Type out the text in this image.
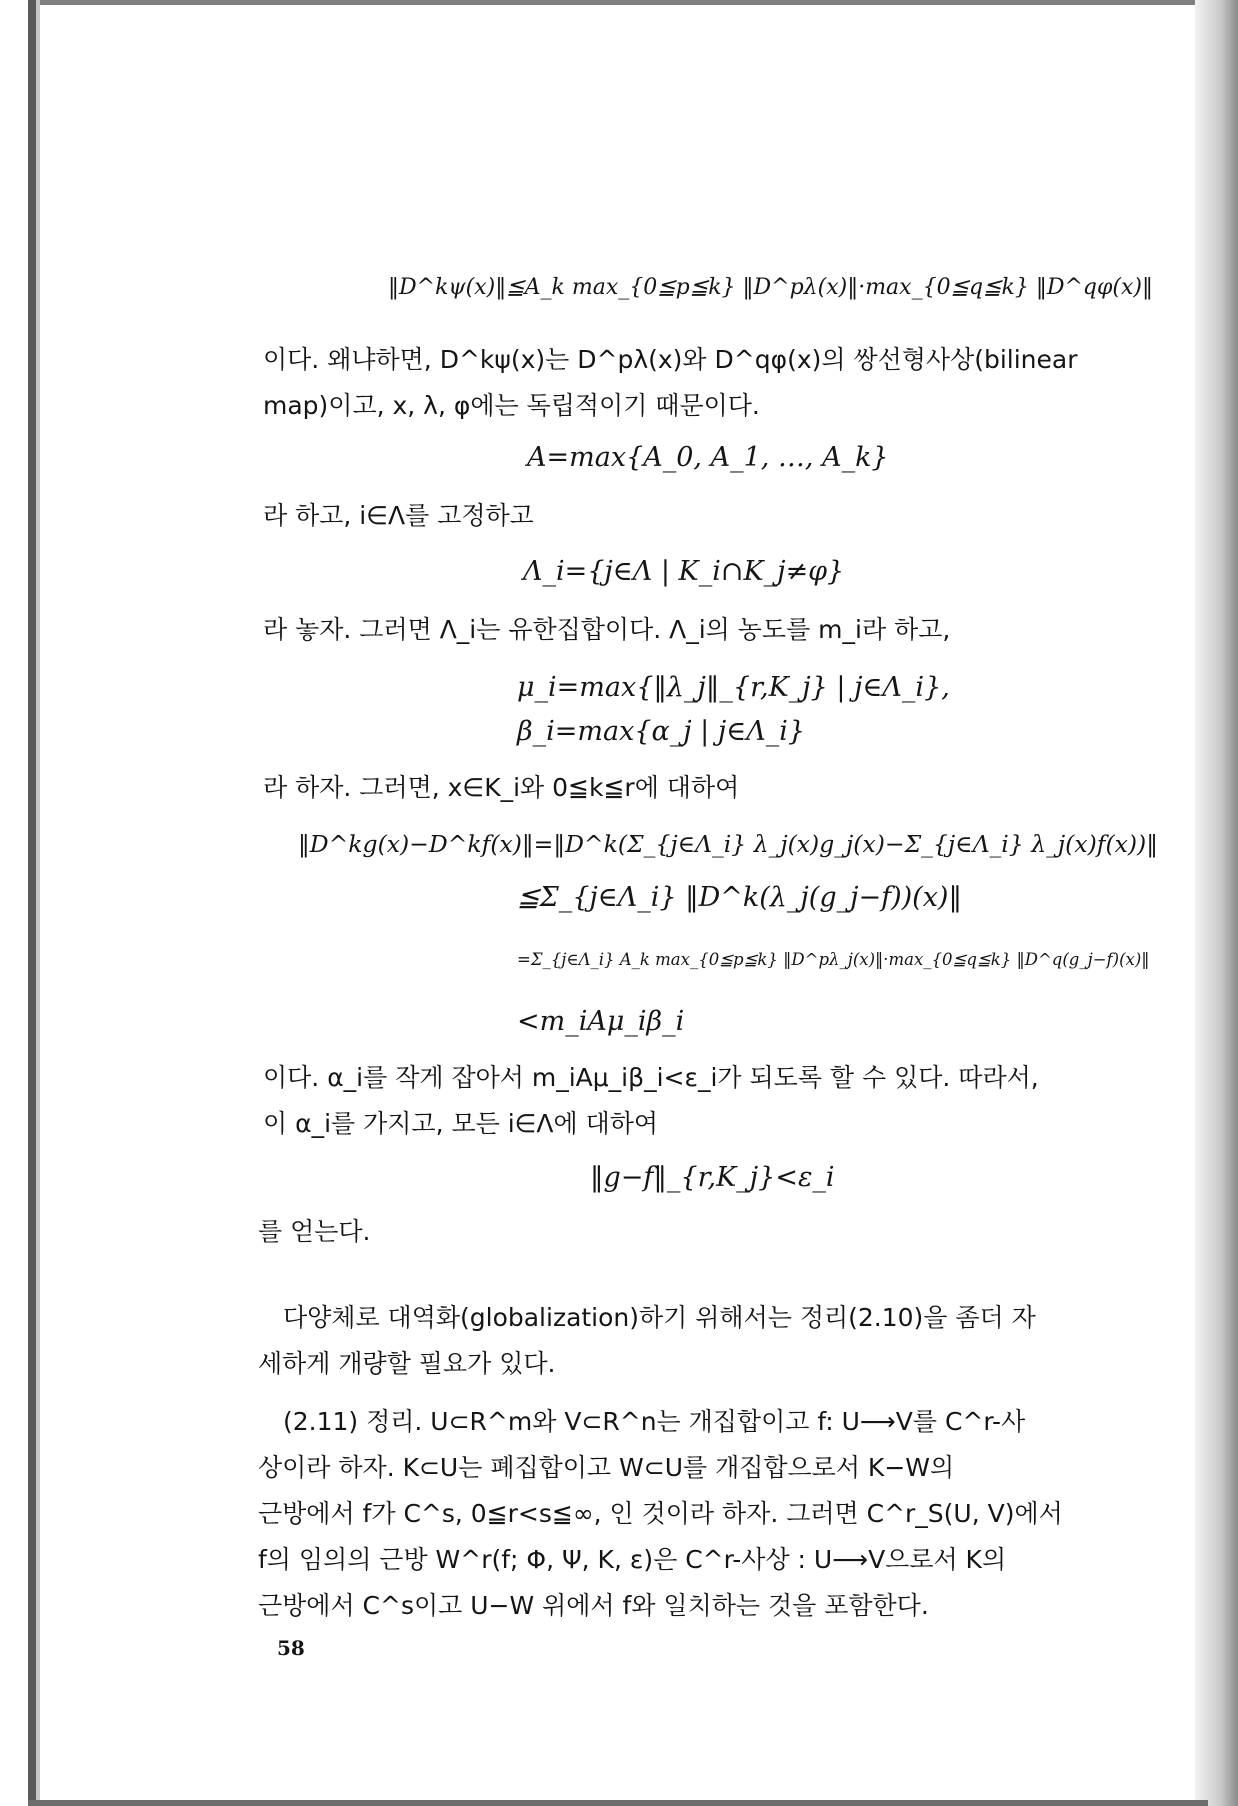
‖D^kψ(x)‖≦A_k max_{0≦p≦k} ‖D^pλ(x)‖·max_{0≦q≦k} ‖D^qφ(x)‖
이다. 왜냐하면, D^kψ(x)는 D^pλ(x)와 D^qφ(x)의 쌍선형사상(bilinear
map)이고, x, λ, φ에는 독립적이기 때문이다.
A=max{A_0, A_1, …, A_k}
라 하고, i∈Λ를 고정하고
Λ_i={j∈Λ | K_i∩K_j≠φ}
라 놓자. 그러면 Λ_i는 유한집합이다. Λ_i의 농도를 m_i라 하고,
μ_i=max{‖λ_j‖_{r,K_j} | j∈Λ_i},
β_i=max{α_j | j∈Λ_i}
라 하자. 그러면, x∈K_i와 0≦k≦r에 대하여
‖D^kg(x)−D^kf(x)‖=‖D^k(Σ_{j∈Λ_i} λ_j(x)g_j(x)−Σ_{j∈Λ_i} λ_j(x)f(x))‖
≦Σ_{j∈Λ_i} ‖D^k(λ_j(g_j−f))(x)‖
=Σ_{j∈Λ_i} A_k max_{0≦p≦k} ‖D^pλ_j(x)‖·max_{0≦q≦k} ‖D^q(g_j−f)(x)‖
<m_iAμ_iβ_i
이다. α_i를 작게 잡아서 m_iAμ_iβ_i<ε_i가 되도록 할 수 있다. 따라서,
이 α_i를 가지고, 모든 i∈Λ에 대하여
‖g−f‖_{r,K_j}<ε_i
를 얻는다.
다양체로 대역화(globalization)하기 위해서는 정리(2.10)을 좀더 자
세하게 개량할 필요가 있다.
(2.11) 정리. U⊂R^m와 V⊂R^n는 개집합이고 f: U⟶V를 C^r-사
상이라 하자. K⊂U는 폐집합이고 W⊂U를 개집합으로서 K−W의
근방에서 f가 C^s, 0≦r<s≦∞, 인 것이라 하자. 그러면 C^r_S(U, V)에서
f의 임의의 근방 W^r(f; Φ, Ψ, K, ε)은 C^r-사상 : U⟶V으로서 K의
근방에서 C^s이고 U−W 위에서 f와 일치하는 것을 포함한다.
58
